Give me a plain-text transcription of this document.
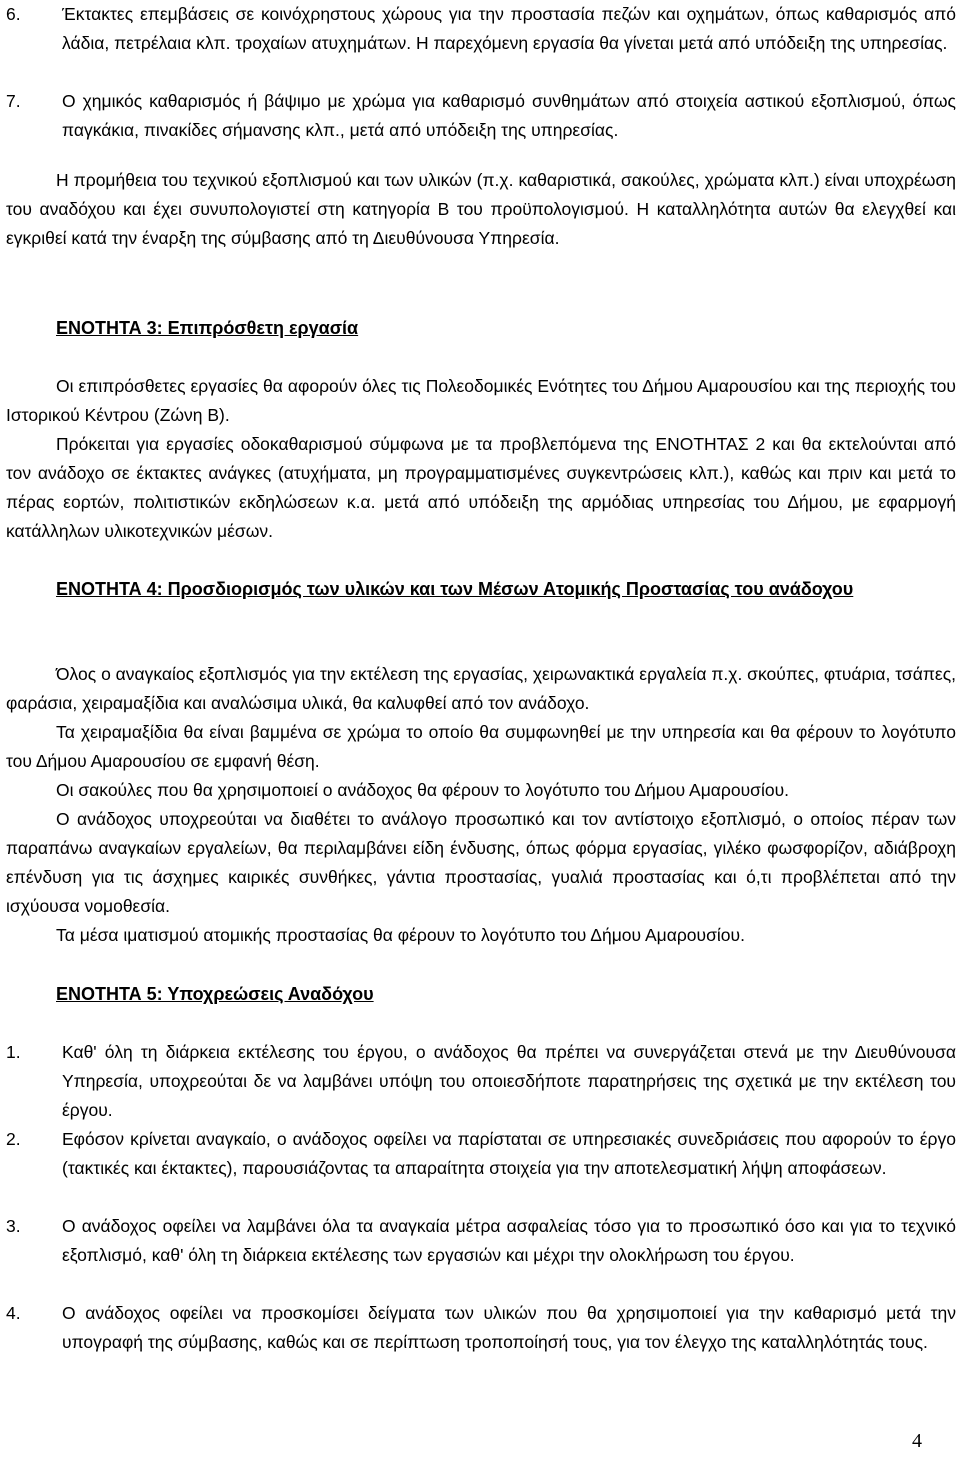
6.	Έκτακτες επεμβάσεις σε κοινόχρηστους χώρους για την προστασία πεζών και οχημάτων, όπως καθαρισμός από λάδια, πετρέλαια κλπ. τροχαίων ατυχημάτων. Η παρεχόμενη εργασία θα γίνεται μετά από υπόδειξη της υπηρεσίας.
7.	Ο χημικός καθαρισμός ή βάψιμο με χρώμα για καθαρισμό συνθημάτων από στοιχεία αστικού εξοπλισμού, όπως παγκάκια, πινακίδες σήμανσης κλπ., μετά από υπόδειξη της υπηρεσίας.

Η προμήθεια του τεχνικού εξοπλισμού και των υλικών (π.χ. καθαριστικά, σακούλες, χρώματα κλπ.) είναι υποχρέωση του αναδόχου και έχει συνυπολογιστεί στη κατηγορία Β του προϋπολογισμού. Η καταλληλότητα αυτών θα ελεγχθεί και εγκριθεί κατά την έναρξη της σύμβασης από τη Διευθύνουσα Υπηρεσία.

ΕΝΟΤΗΤΑ 3: Επιπρόσθετη εργασία

Οι επιπρόσθετες εργασίες θα αφορούν όλες τις Πολεοδομικές Ενότητες του Δήμου Αμαρουσίου και της περιοχής του Ιστορικού Κέντρου (Ζώνη Β).

Πρόκειται για εργασίες οδοκαθαρισμού σύμφωνα με τα προβλεπόμενα της ΕΝΟΤΗΤΑΣ 2 και θα εκτελούνται από τον ανάδοχο σε έκτακτες ανάγκες (ατυχήματα, μη προγραμματισμένες συγκεντρώσεις κλπ.), καθώς και πριν και μετά το πέρας εορτών, πολιτιστικών εκδηλώσεων κ.α. μετά από υπόδειξη της αρμόδιας υπηρεσίας του Δήμου, με εφαρμογή κατάλληλων υλικοτεχνικών μέσων.

ΕΝΟΤΗΤΑ 4: Προσδιορισμός των υλικών και των Μέσων Ατομικής Προστασίας του ανάδοχου

Όλος ο αναγκαίος εξοπλισμός για την εκτέλεση της εργασίας, χειρωνακτικά εργαλεία π.χ. σκούπες, φτυάρια, τσάπες, φαράσια, χειραμαξίδια και αναλώσιμα υλικά, θα καλυφθεί από τον ανάδοχο.

Τα χειραμαξίδια θα είναι βαμμένα σε χρώμα το οποίο θα συμφωνηθεί με την υπηρεσία και θα φέρουν το λογότυπο του Δήμου Αμαρουσίου σε εμφανή θέση.

Οι σακούλες που θα χρησιμοποιεί ο ανάδοχος θα φέρουν το λογότυπο του Δήμου Αμαρουσίου.

Ο ανάδοχος υποχρεούται να διαθέτει το ανάλογο προσωπικό και τον αντίστοιχο εξοπλισμό, ο οποίος πέραν των παραπάνω αναγκαίων εργαλείων, θα περιλαμβάνει είδη ένδυσης, όπως φόρμα εργασίας, γιλέκο φωσφορίζον, αδιάβροχη επένδυση για τις άσχημες καιρικές συνθήκες, γάντια προστασίας, γυαλιά προστασίας και ό,τι προβλέπεται από την ισχύουσα νομοθεσία.

Τα μέσα ιματισμού ατομικής προστασίας θα φέρουν το λογότυπο του Δήμου Αμαρουσίου.

ΕΝΟΤΗΤΑ 5: Υποχρεώσεις Αναδόχου
1.	Καθ' όλη τη διάρκεια εκτέλεσης του έργου, ο ανάδοχος θα πρέπει να συνεργάζεται στενά με την Διευθύνουσα Υπηρεσία, υποχρεούται δε να λαμβάνει υπόψη του οποιεσδήποτε παρατηρήσεις της σχετικά με την εκτέλεση του έργου.
2.	Εφόσον κρίνεται αναγκαίο, ο ανάδοχος οφείλει να παρίσταται σε υπηρεσιακές συνεδριάσεις που αφορούν το έργο (τακτικές και έκτακτες), παρουσιάζοντας τα απαραίτητα στοιχεία για την αποτελεσματική λήψη αποφάσεων.
3.	Ο ανάδοχος οφείλει να λαμβάνει όλα τα αναγκαία μέτρα ασφαλείας τόσο για το προσωπικό όσο και για το τεχνικό εξοπλισμό, καθ' όλη τη διάρκεια εκτέλεσης των εργασιών και μέχρι την ολοκλήρωση του έργου.
4.	Ο ανάδοχος οφείλει να προσκομίσει δείγματα των υλικών που θα χρησιμοποιεί για την καθαρισμό μετά την υπογραφή της σύμβασης, καθώς και σε περίπτωση τροποποίησή τους, για τον έλεγχο της καταλληλότητάς τους.
4
